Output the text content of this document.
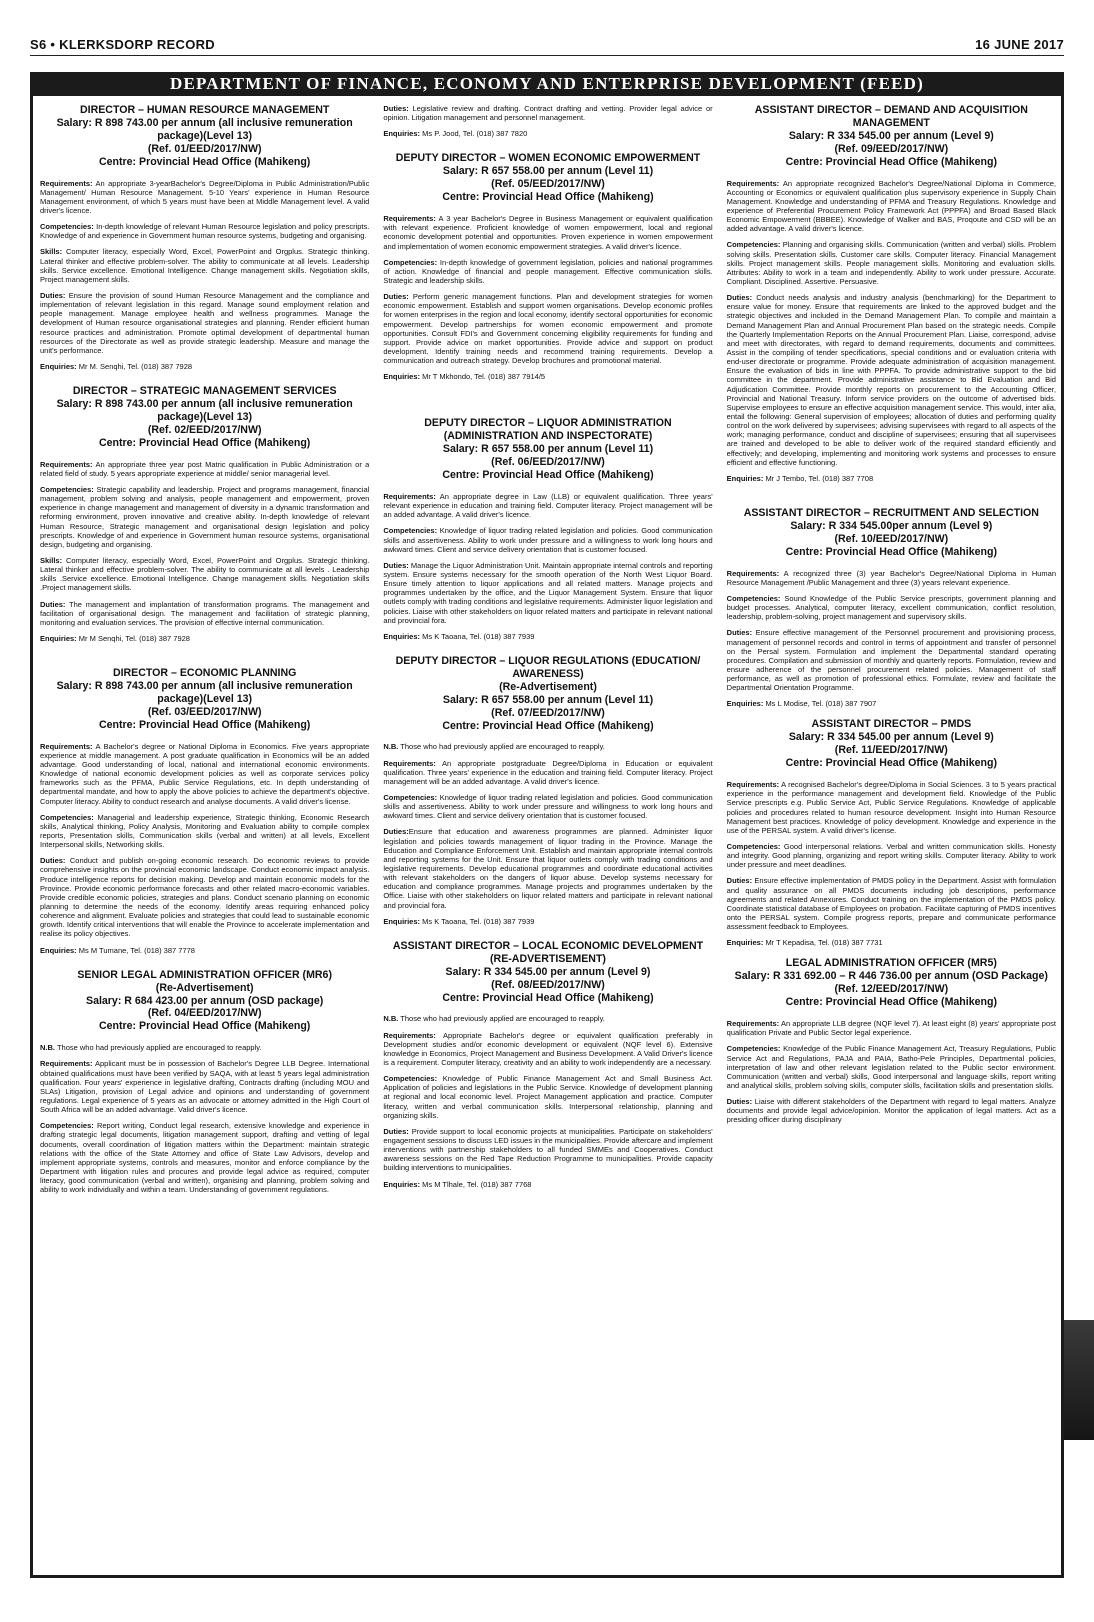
S6 • KLERKSDORP RECORD	16 JUNE 2017
DEPARTMENT OF FINANCE, ECONOMY AND ENTERPRISE DEVELOPMENT (FEED)
DIRECTOR – HUMAN RESOURCE MANAGEMENT
Salary: R 898 743.00 per annum (all inclusive remuneration package)(Level 13)
(Ref. 01/EED/2017/NW)
Centre: Provincial Head Office (Mahikeng)

Requirements: An appropriate 3-yearBachelor's Degree/Diploma in Public Administration/Public Management/ Human Resource Management. 5-10 Years' experience in Human Resource Management environment, of which 5 years must have been at Middle Management level. A valid driver's licence.

Competencies: In-depth knowledge of relevant Human Resource legislation and policy prescripts. Knowledge of and experience in Government human resource systems, budgeting and organising.

Skills: Computer literacy, especially Word, Excel, PowerPoint and Orgplus. Strategic thinking. Lateral thinker and effective problem-solver. The ability to communicate at all levels. Leadership skills. Service excellence. Emotional Intelligence. Change management skills. Negotiation skills, Project management skills.

Duties: Ensure the provision of sound Human Resource Management and the compliance and implementation of relevant legislation in this regard. Manage sound employment relation and people management. Manage employee health and wellness programmes. Manage the development of Human resource organisational strategies and planning. Render efficient human resource practices and administration. Promote optimal development of departmental human resources of the Directorate as well as provide strategic leadership. Measure and manage the unit's performance.

Enquiries: Mr M. Senqhi, Tel. (018) 387 7928

DIRECTOR – STRATEGIC MANAGEMENT SERVICES
Salary: R 898 743.00 per annum (all inclusive remuneration package)(Level 13)
(Ref. 02/EED/2017/NW)
Centre: Provincial Head Office (Mahikeng)

Requirements: An appropriate three year post Matric qualification in Public Administration or a related field of study. 5 years appropriate experience at middle/ senior managerial level.

Competencies: Strategic capability and leadership. Project and programs management, financial management, problem solving and analysis, people management and empowerment, proven experience in change management and management of diversity in a dynamic transformation and reforming environment, proven innovative and creative ability. In-depth knowledge of relevant Human Resource, Strategic management and organisational design legislation and policy prescripts. Knowledge of and experience in Government human resource systems, organisational design, budgeting and organising.

Skills: Computer literacy, especially Word, Excel, PowerPoint and Orgplus. Strategic thinking. Lateral thinker and effective problem-solver. The ability to communicate at all levels . Leadership skills .Service excellence. Emotional Intelligence. Change management skills. Negotiation skills .Project management skills.

Duties: The management and implantation of transformation programs. The management and facilitation of organisational design. The management and facilitation of strategic planning, monitoring and evaluation services. The provision of effective internal communication.

Enquiries: Mr M Senqhi, Tel. (018) 387 7928

DIRECTOR – ECONOMIC PLANNING
Salary: R 898 743.00 per annum (all inclusive remuneration package)(Level 13)
(Ref. 03/EED/2017/NW)
Centre: Provincial Head Office (Mahikeng)

Requirements: A Bachelor's degree or National Diploma in Economics. Five years appropriate experience at middle management. A post graduate qualification in Economics will be an added advantage. Good understanding of local, national and international economic environments. Knowledge of national economic development policies as well as corporate services policy frameworks such as the PFMA, Public Service Regulations, etc. In depth understanding of departmental mandate, and how to apply the above policies to achieve the department's objective. Computer literacy. Ability to conduct research and analyse documents. A valid driver's license.

Competencies: Managerial and leadership experience, Strategic thinking, Economic Research skills, Analytical thinking, Policy Analysis, Monitoring and Evaluation ability to compile complex reports, Presentation skills, Communication skills (verbal and written) at all levels, Excellent Interpersonal skills, Networking skills.

Duties: Conduct and publish on-going economic research. Do economic reviews to provide comprehensive insights on the provincial economic landscape. Conduct economic impact analysis. Produce intelligence reports for decision making. Develop and maintain economic models for the Province. Provide economic performance forecasts and other related macro-economic variables. Provide credible economic policies, strategies and plans. Conduct scenario planning on economic planning to determine the needs of the economy. Identify areas requiring enhanced policy coherence and alignment. Evaluate policies and strategies that could lead to sustainable economic growth. Identify critical interventions that will enable the Province to accelerate implementation and realise its policy objectives.

Enquiries: Ms M Tumane, Tel. (018) 387 7778

SENIOR LEGAL ADMINISTRATION OFFICER (MR6)
(Re-Advertisement)
Salary: R 684 423.00 per annum (OSD package)
(Ref. 04/EED/2017/NW)
Centre: Provincial Head Office (Mahikeng)

N.B. Those who had previously applied are encouraged to reapply.

Requirements: Applicant must be in possession of Bachelor's Degree LLB Degree. International obtained qualifications must have been verified by SAQA, with at least 5 years legal administration qualification. Four years' experience in legislative drafting, Contracts drafting (including MOU and SLAs) Litigation, provision of Legal advice and opinions and understanding of government regulations. Legal experience of 5 years as an advocate or attorney admitted in the High Court of South Africa will be an added advantage. Valid driver's licence.

Competencies: Report writing, Conduct legal research, extensive knowledge and experience in drafting strategic legal documents, litigation management support, drafting and vetting of legal documents, overall coordination of litigation matters within the Department: maintain strategic relations with the office of the State Attorney and office of State Law Advisors, develop and implement appropriate systems, controls and measures, monitor and enforce compliance by the Department with litigation rules and procures and provide legal advice as required, computer literacy, good communication (verbal and written), organising and planning, problem solving and ability to work individually and within a team. Understanding of government regulations.

Duties: Legislative review and drafting. Contract drafting and vetting. Provider legal advice or opinion. Litigation management and personnel management.

Enquiries: Ms P. Jood, Tel. (018) 387 7820

DEPUTY DIRECTOR – WOMEN ECONOMIC EMPOWERMENT
Salary: R 657 558.00 per annum (Level 11)
(Ref. 05/EED/2017/NW)
Centre: Provincial Head Office (Mahikeng)

Requirements: A 3 year Bachelor's Degree in Business Management or equivalent qualification with relevant experience. Proficient knowledge of women empowerment, local and regional economic development potential and opportunities. Proven experience in women empowerment and implementation of women economic empowerment strategies. A valid driver's licence.

Competencies: In-depth knowledge of government legislation, policies and national programmes of action. Knowledge of financial and people management. Effective communication skills. Strategic and leadership skills.

Duties: Perform generic management functions. Plan and development strategies for women economic empowerment. Establish and support women organisations. Develop economic profiles for women enterprises in the region and local economy, identify sectoral opportunities for economic empowerment. Develop partnerships for women economic empowerment and promote opportunities. Consult FDI's and Government concerning eligibility requirements for funding and support. Provide advice on market opportunities. Provide advice and support on product development. Identify training needs and recommend training requirements. Develop a communication and outreach strategy. Develop brochures and promotional material.

Enquiries: Mr T Mkhondo, Tel. (018) 387 7914/5

DEPUTY DIRECTOR – LIQUOR ADMINISTRATION (ADMINISTRATION AND INSPECTORATE)
Salary: R 657 558.00 per annum (Level 11)
(Ref. 06/EED/2017/NW)
Centre: Provincial Head Office (Mahikeng)

Requirements: An appropriate degree in Law (LLB) or equivalent qualification. Three years' relevant experience in education and training field. Computer literacy. Project management will be an added advantage. A valid driver's licence.

Competencies: Knowledge of liquor trading related legislation and policies. Good communication skills and assertiveness. Ability to work under pressure and a willingness to work long hours and awkward times. Client and service delivery orientation that is customer focused.

Duties: Manage the Liquor Administration Unit. Maintain appropriate internal controls and reporting system. Ensure systems necessary for the smooth operation of the North West Liquor Board. Ensure timely attention to liquor applications and all related matters. Manage projects and programmes undertaken by the office, and the Liquor Management System. Ensure that liquor outlets comply with trading conditions and legislative requirements. Administer liquor legislation and policies. Liaise with other stakeholders on liquor related matters and participate in relevant national and provincial fora.

Enquiries: Ms K Taoana, Tel. (018) 387 7939

DEPUTY DIRECTOR – LIQUOR REGULATIONS (EDUCATION/ AWARENESS)
(Re-Advertisement)
Salary: R 657 558.00 per annum (Level 11)
(Ref. 07/EED/2017/NW)
Centre: Provincial Head Office (Mahikeng)

N.B. Those who had previously applied are encouraged to reapply.

Requirements: An appropriate postgraduate Degree/Diploma in Education or equivalent qualification. Three years' experience in the education and training field. Computer literacy. Project management will be an added advantage. A valid driver's licence.

Competencies: Knowledge of liquor trading related legislation and policies. Good communication skills and assertiveness. Ability to work under pressure and willingness to work long hours and awkward times. Client and service delivery orientation that is customer focused.

Duties:Ensure that education and awareness programmes are planned. Administer liquor legislation and policies towards management of liquor trading in the Province. Manage the Education and Compliance Enforcement Unit. Establish and maintain appropriate internal controls and reporting systems for the Unit. Ensure that liquor outlets comply with trading conditions and legislative requirements. Develop educational programmes and coordinate educational activities with relevant stakeholders on the dangers of liquor abuse. Develop systems necessary for education and compliance programmes. Manage projects and programmes undertaken by the Office. Liaise with other stakeholders on liquor related matters and participate in relevant national and provincial fora.

Enquiries: Ms K Taoana, Tel. (018) 387 7939

ASSISTANT DIRECTOR – LOCAL ECONOMIC DEVELOPMENT (RE-ADVERTISEMENT)
Salary: R 334 545.00 per annum (Level 9)
(Ref. 08/EED/2017/NW)
Centre: Provincial Head Office (Mahikeng)

N.B. Those who had previously applied are encouraged to reapply.

Requirements: Appropriate Bachelor's degree or equivalent qualification preferably in Development studies and/or economic development or equivalent (NQF level 6). Extensive knowledge in Economics, Project Management and Business Development. A Valid Driver's licence is a requirement. Computer literacy, creativity and an ability to work independently are a necessary.

Competencies: Knowledge of Public Finance Management Act and Small Business Act. Application of policies and legislations in the Public Service. Knowledge of development planning at regional and local economic level. Project Management application and practice. Computer literacy, written and verbal communication skills. Interpersonal relationship, planning and organizing skills.

Duties: Provide support to local economic projects at municipalities. Participate on stakeholders' engagement sessions to discuss LED issues in the municipalities. Provide aftercare and implement interventions with partnership stakeholders to all funded SMMEs and Cooperatives. Conduct awareness sessions on the Red Tape Reduction Programme to municipalities. Provide capacity building interventions to municipalities.

Enquiries: Ms M Tlhale, Tel. (018) 387 7768

ASSISTANT DIRECTOR – DEMAND AND ACQUISITION MANAGEMENT
Salary: R 334 545.00 per annum (Level 9)
(Ref. 09/EED/2017/NW)
Centre: Provincial Head Office (Mahikeng)

Requirements: An appropriate recognized Bachelor's Degree/National Diploma in Commerce, Accounting or Economics or equivalent qualification plus supervisory experience in Supply Chain Management. Knowledge and understanding of PFMA and Treasury Regulations. Knowledge and experience of Preferential Procurement Policy Framework Act (PPPFA) and Broad Based Black Economic Empowerment (BBBEE). Knowledge of Walker and BAS, Proqoute and CSD will be an added advantage. A valid driver's licence.

Competencies: Planning and organising skills. Communication (written and verbal) skills. Problem solving skills. Presentation skills. Customer care skills. Computer literacy. Financial Management skills. Project management skills. People management skills. Monitoring and evaluation skills. Attributes: Ability to work in a team and independently. Ability to work under pressure. Accurate. Compliant. Disciplined. Assertive. Persuasive.

Duties: Conduct needs analysis and industry analysis (benchmarking) for the Department to ensure value for money. Ensure that requirements are linked to the approved budget and the strategic objectives and included in the Demand Management Plan. To compile and maintain a Demand Management Plan and Annual Procurement Plan based on the strategic needs. Compile the Quarterly Implementation Reports on the Annual Procurement Plan. Liaise, correspond, advise and meet with directorates, with regard to demand requirements, documents and committees. Assist in the compiling of tender specifications, special conditions and or evaluation criteria with end-user directorate or programme. Provide adequate administration of acquisition management. Ensure the evaluation of bids in line with PPPFA. To provide administrative support to the bid committee in the department. Provide administrative assistance to Bid Evaluation and Bid Adjudication Committee. Provide monthly reports on procurement to the Accounting Officer, Provincial and National Treasury. Inform service providers on the outcome of advertised bids. Supervise employees to ensure an effective acquisition management service. This would, inter alia, entail the following: General supervision of employees; allocation of duties and performing quality control on the work delivered by supervisees; advising supervisees with regard to all aspects of the work; managing performance, conduct and discipline of supervisees; ensuring that all supervisees are trained and developed to be able to deliver work of the required standard efficiently and effectively; and developing, implementing and monitoring work systems and processes to ensure efficient and effective functioning.

Enquiries: Mr J Tembo, Tel. (018) 387 7708

ASSISTANT DIRECTOR – RECRUITMENT AND SELECTION
Salary: R 334 545.00per annum (Level 9)
(Ref. 10/EED/2017/NW)
Centre: Provincial Head Office (Mahikeng)

Requirements: A recognized three (3) year Bachelor's Degree/National Diploma in Human Resource Management /Public Management and three (3) years relevant experience.

Competencies: Sound Knowledge of the Public Service prescripts, government planning and budget processes. Analytical, computer literacy, excellent communication, conflict resolution, leadership, problem-solving, project management and supervisory skills.

Duties: Ensure effective management of the Personnel procurement and provisioning process, management of personnel records and control in terms of appointment and transfer of personnel on the Persal system. Formulation and implement the Departmental standard operating procedures. Compilation and submission of monthly and quarterly reports. Formulation, review and ensure adherence of the personnel procurement related policies. Management of staff performance, as well as promotion of professional ethics. Formulate, review and facilitate the Departmental Orientation Programme.

Enquiries: Ms L Modise, Tel. (018) 387 7907

ASSISTANT DIRECTOR – PMDS
Salary: R 334 545.00 per annum (Level 9)
(Ref. 11/EED/2017/NW)
Centre: Provincial Head Office (Mahikeng)

Requirements: A recognised Bachelor's degree/Diploma in Social Sciences. 3 to 5 years practical experience in the performance management and development field. Knowledge of the Public Service prescripts e.g. Public Service Act, Public Service Regulations. Knowledge of applicable policies and procedures related to human resource development. Insight into Human Resource Management best practices. Knowledge of policy development. Knowledge and experience in the use of the PERSAL system. A valid driver's license.

Competencies: Good interpersonal relations. Verbal and written communication skills. Honesty and integrity. Good planning, organizing and report writing skills. Computer literacy. Ability to work under pressure and meet deadlines.

Duties: Ensure effective implementation of PMDS policy in the Department. Assist with formulation and quality assurance on all PMDS documents including job descriptions, performance agreements and related Annexures. Conduct training on the implementation of the PMDS policy. Coordinate statistical database of Employees on probation. Facilitate capturing of PMDS incentives onto the PERSAL system. Compile progress reports, prepare and communicate performance assessment feedback to Employees.

Enquiries: Mr T Kepadisa, Tel. (018) 387 7731

LEGAL ADMINISTRATION OFFICER (MR5)
Salary: R 331 692.00 – R 446 736.00 per annum (OSD Package)
(Ref. 12/EED/2017/NW)
Centre: Provincial Head Office (Mahikeng)

Requirements: An appropriate LLB degree (NQF level 7). At least eight (8) years' appropriate post qualification Private and Public Sector legal experience.

Competencies: Knowledge of the Public Finance Management Act, Treasury Regulations, Public Service Act and Regulations, PAJA and PAIA, Batho-Pele Principles, Departmental policies, interpretation of law and other relevant legislation related to the Public sector environment. Communication (written and verbal) skills, Good interpersonal and language skills, report writing and analytical skills, problem solving skills, computer skills, facilitation skills and presentation skills.

Duties: Liaise with different stakeholders of the Department with regard to legal matters. Analyze documents and provide legal advice/opinion. Monitor the application of legal matters. Act as a presiding officer during disciplinary
